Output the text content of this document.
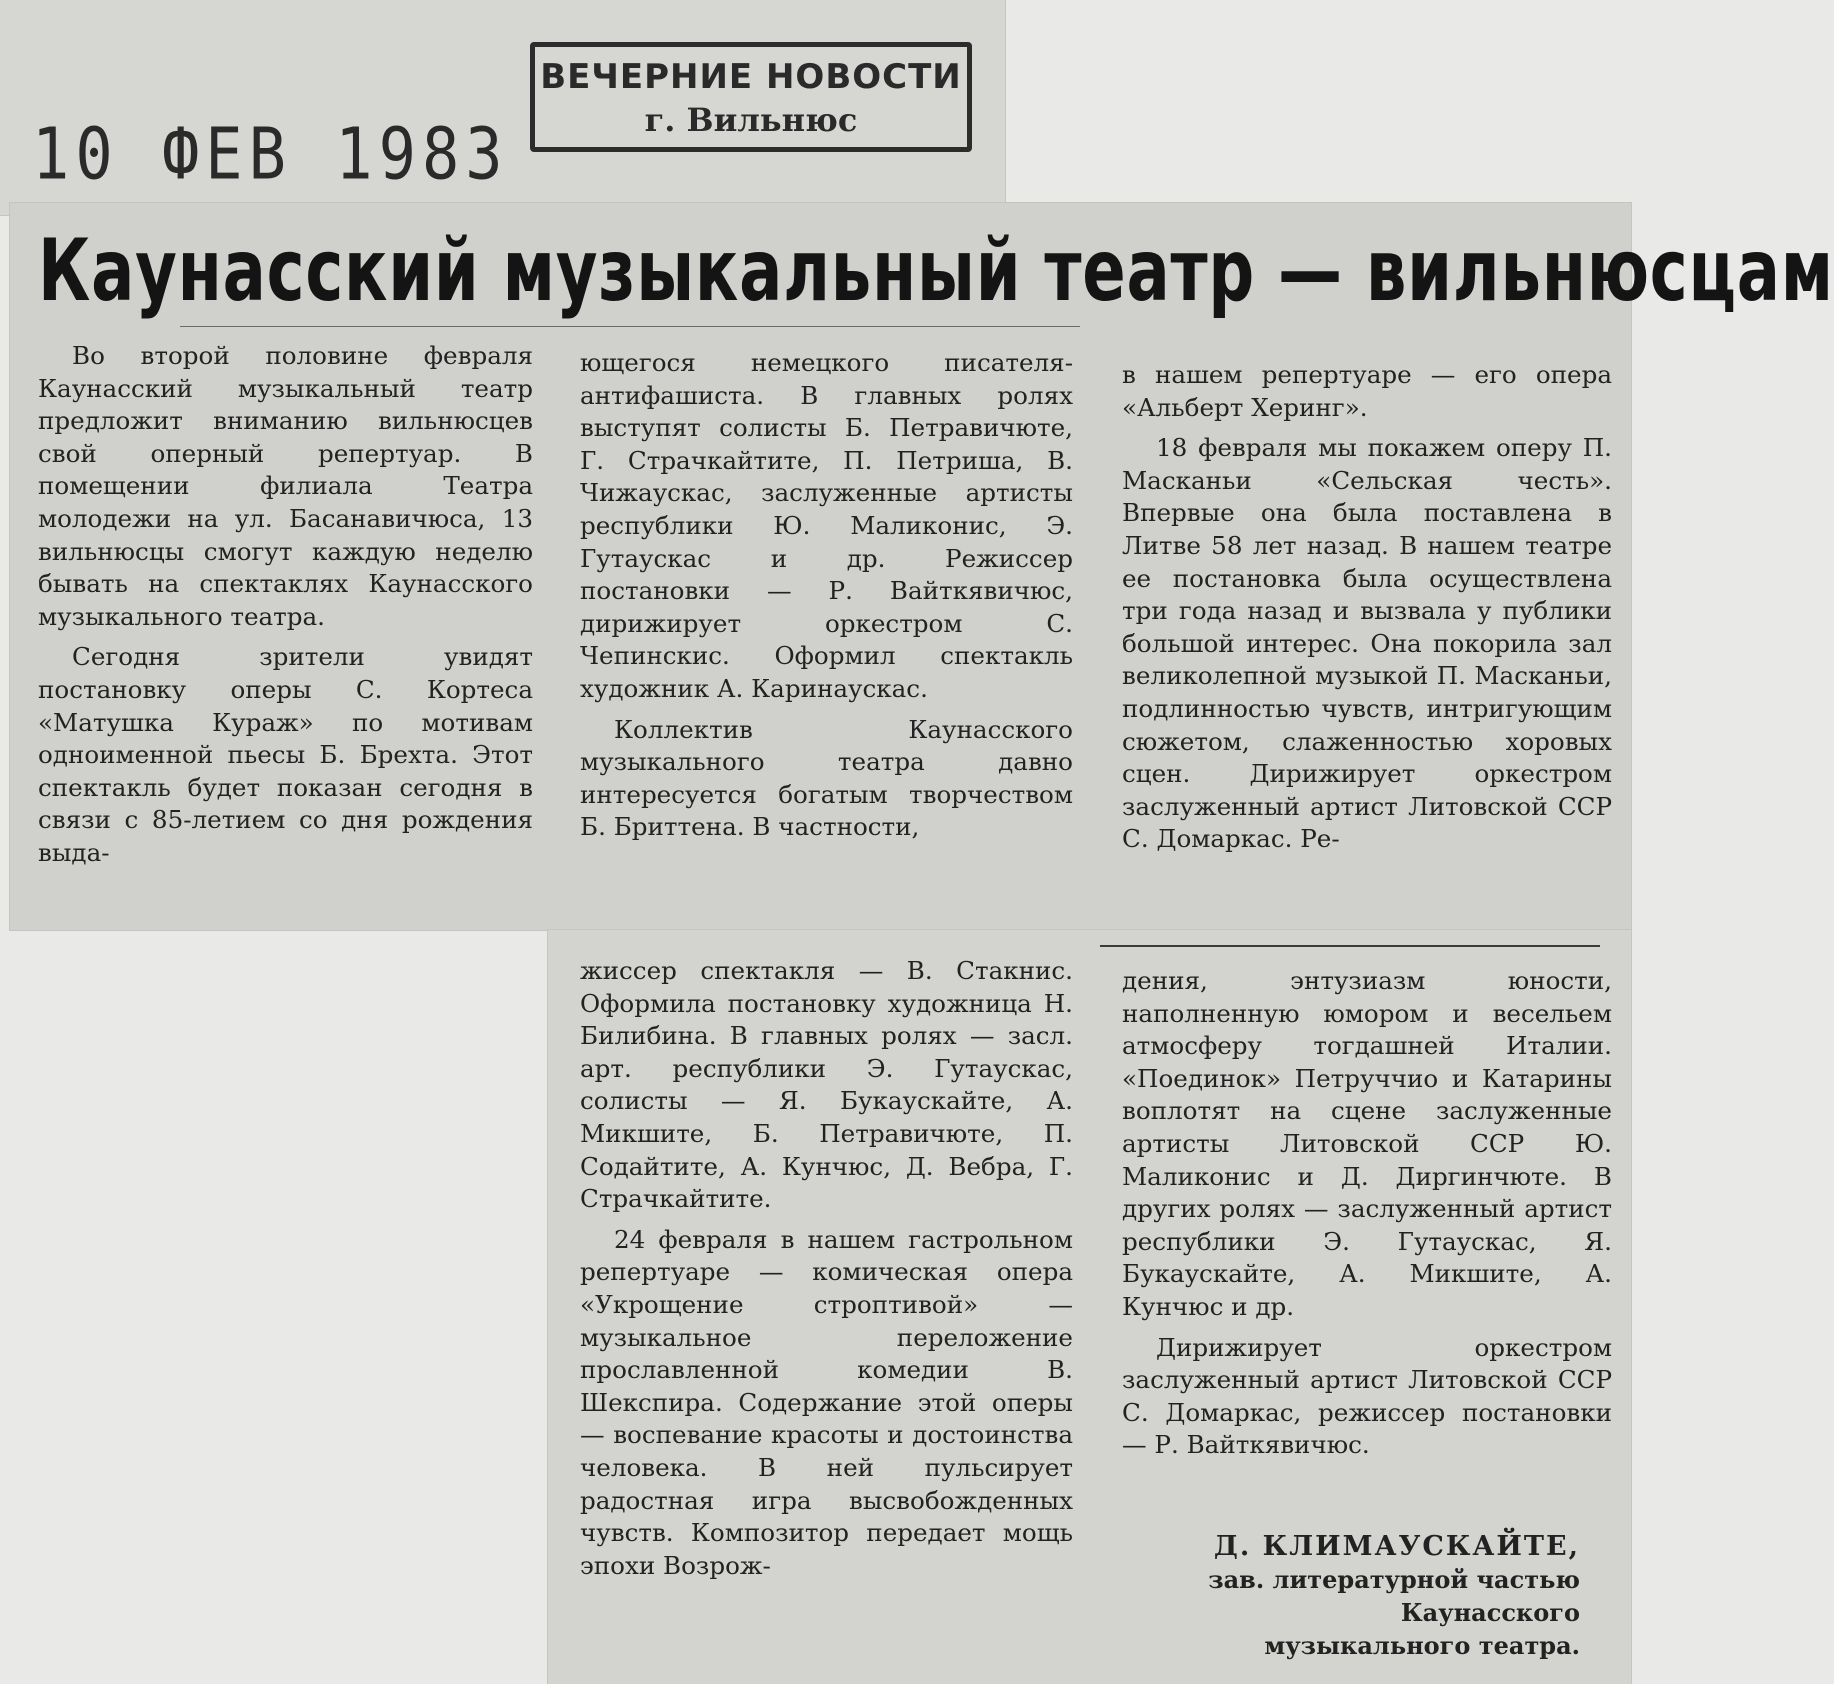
10 ФЕВ 1983
ВЕЧЕРНИЕ НОВОСТИ
г. Вильнюс
Каунасский музыкальный театр — вильнюсцам

Во второй половине февраля Каунасский музыкальный театр предложит вниманию вильнюсцев свой оперный репертуар. В помещении филиала Театра молодежи на ул. Басанавичюса, 13 вильнюсцы смогут каждую неделю бывать на спектаклях Каунасского музыкального театра.

Сегодня зрители увидят постановку оперы С. Кортеса «Матушка Кураж» по мотивам одноименной пьесы Б. Брехта. Этот спектакль будет показан сегодня в связи с 85-летием со дня рождения выда-

ющегося немецкого писателя-антифашиста. В главных ролях выступят солисты Б. Петравичюте, Г. Страчкайтите, П. Петриша, В. Чижаускас, заслуженные артисты республики Ю. Маликонис, Э. Гутаускас и др. Режиссер постановки — Р. Вайткявичюс, дирижирует оркестром С. Чепинскис. Оформил спектакль художник А. Каринаускас.

Коллектив Каунасского музыкального театра давно интересуется богатым творчеством Б. Бриттена. В частности,

в нашем репертуаре — его опера «Альберт Херинг».

18 февраля мы покажем оперу П. Масканьи «Сельская честь». Впервые она была поставлена в Литве 58 лет назад. В нашем театре ее постановка была осуществлена три года назад и вызвала у публики большой интерес. Она покорила зал великолепной музыкой П. Масканьи, подлинностью чувств, интригующим сюжетом, слаженностью хоровых сцен. Дирижирует оркестром заслуженный артист Литовской ССР С. Домаркас. Ре-

жиссер спектакля — В. Стакнис. Оформила постановку художница Н. Билибина. В главных ролях — засл. арт. республики Э. Гутаускас, солисты — Я. Букаускайте, А. Микшите, Б. Петравичюте, П. Содайтите, А. Кунчюс, Д. Вебра, Г. Страчкайтите.

24 февраля в нашем гастрольном репертуаре — комическая опера «Укрощение строптивой» — музыкальное переложение прославленной комедии В. Шекспира. Содержание этой оперы — воспевание красоты и достоинства человека. В ней пульсирует радостная игра высвобожденных чувств. Композитор передает мощь эпохи Возрож-

дения, энтузиазм юности, наполненную юмором и весельем атмосферу тогдашней Италии. «Поединок» Петруччио и Катарины воплотят на сцене заслуженные артисты Литовской ССР Ю. Маликонис и Д. Диргинчюте. В других ролях — заслуженный артист республики Э. Гутаускас, Я. Букаускайте, А. Микшите, А. Кунчюс и др.

Дирижирует оркестром заслуженный артист Литовской ССР С. Домаркас, режиссер постановки — Р. Вайткявичюс.

Д. КЛИМАУСКАЙТЕ,
зав. литературной частью
Каунасского
музыкального театра.
